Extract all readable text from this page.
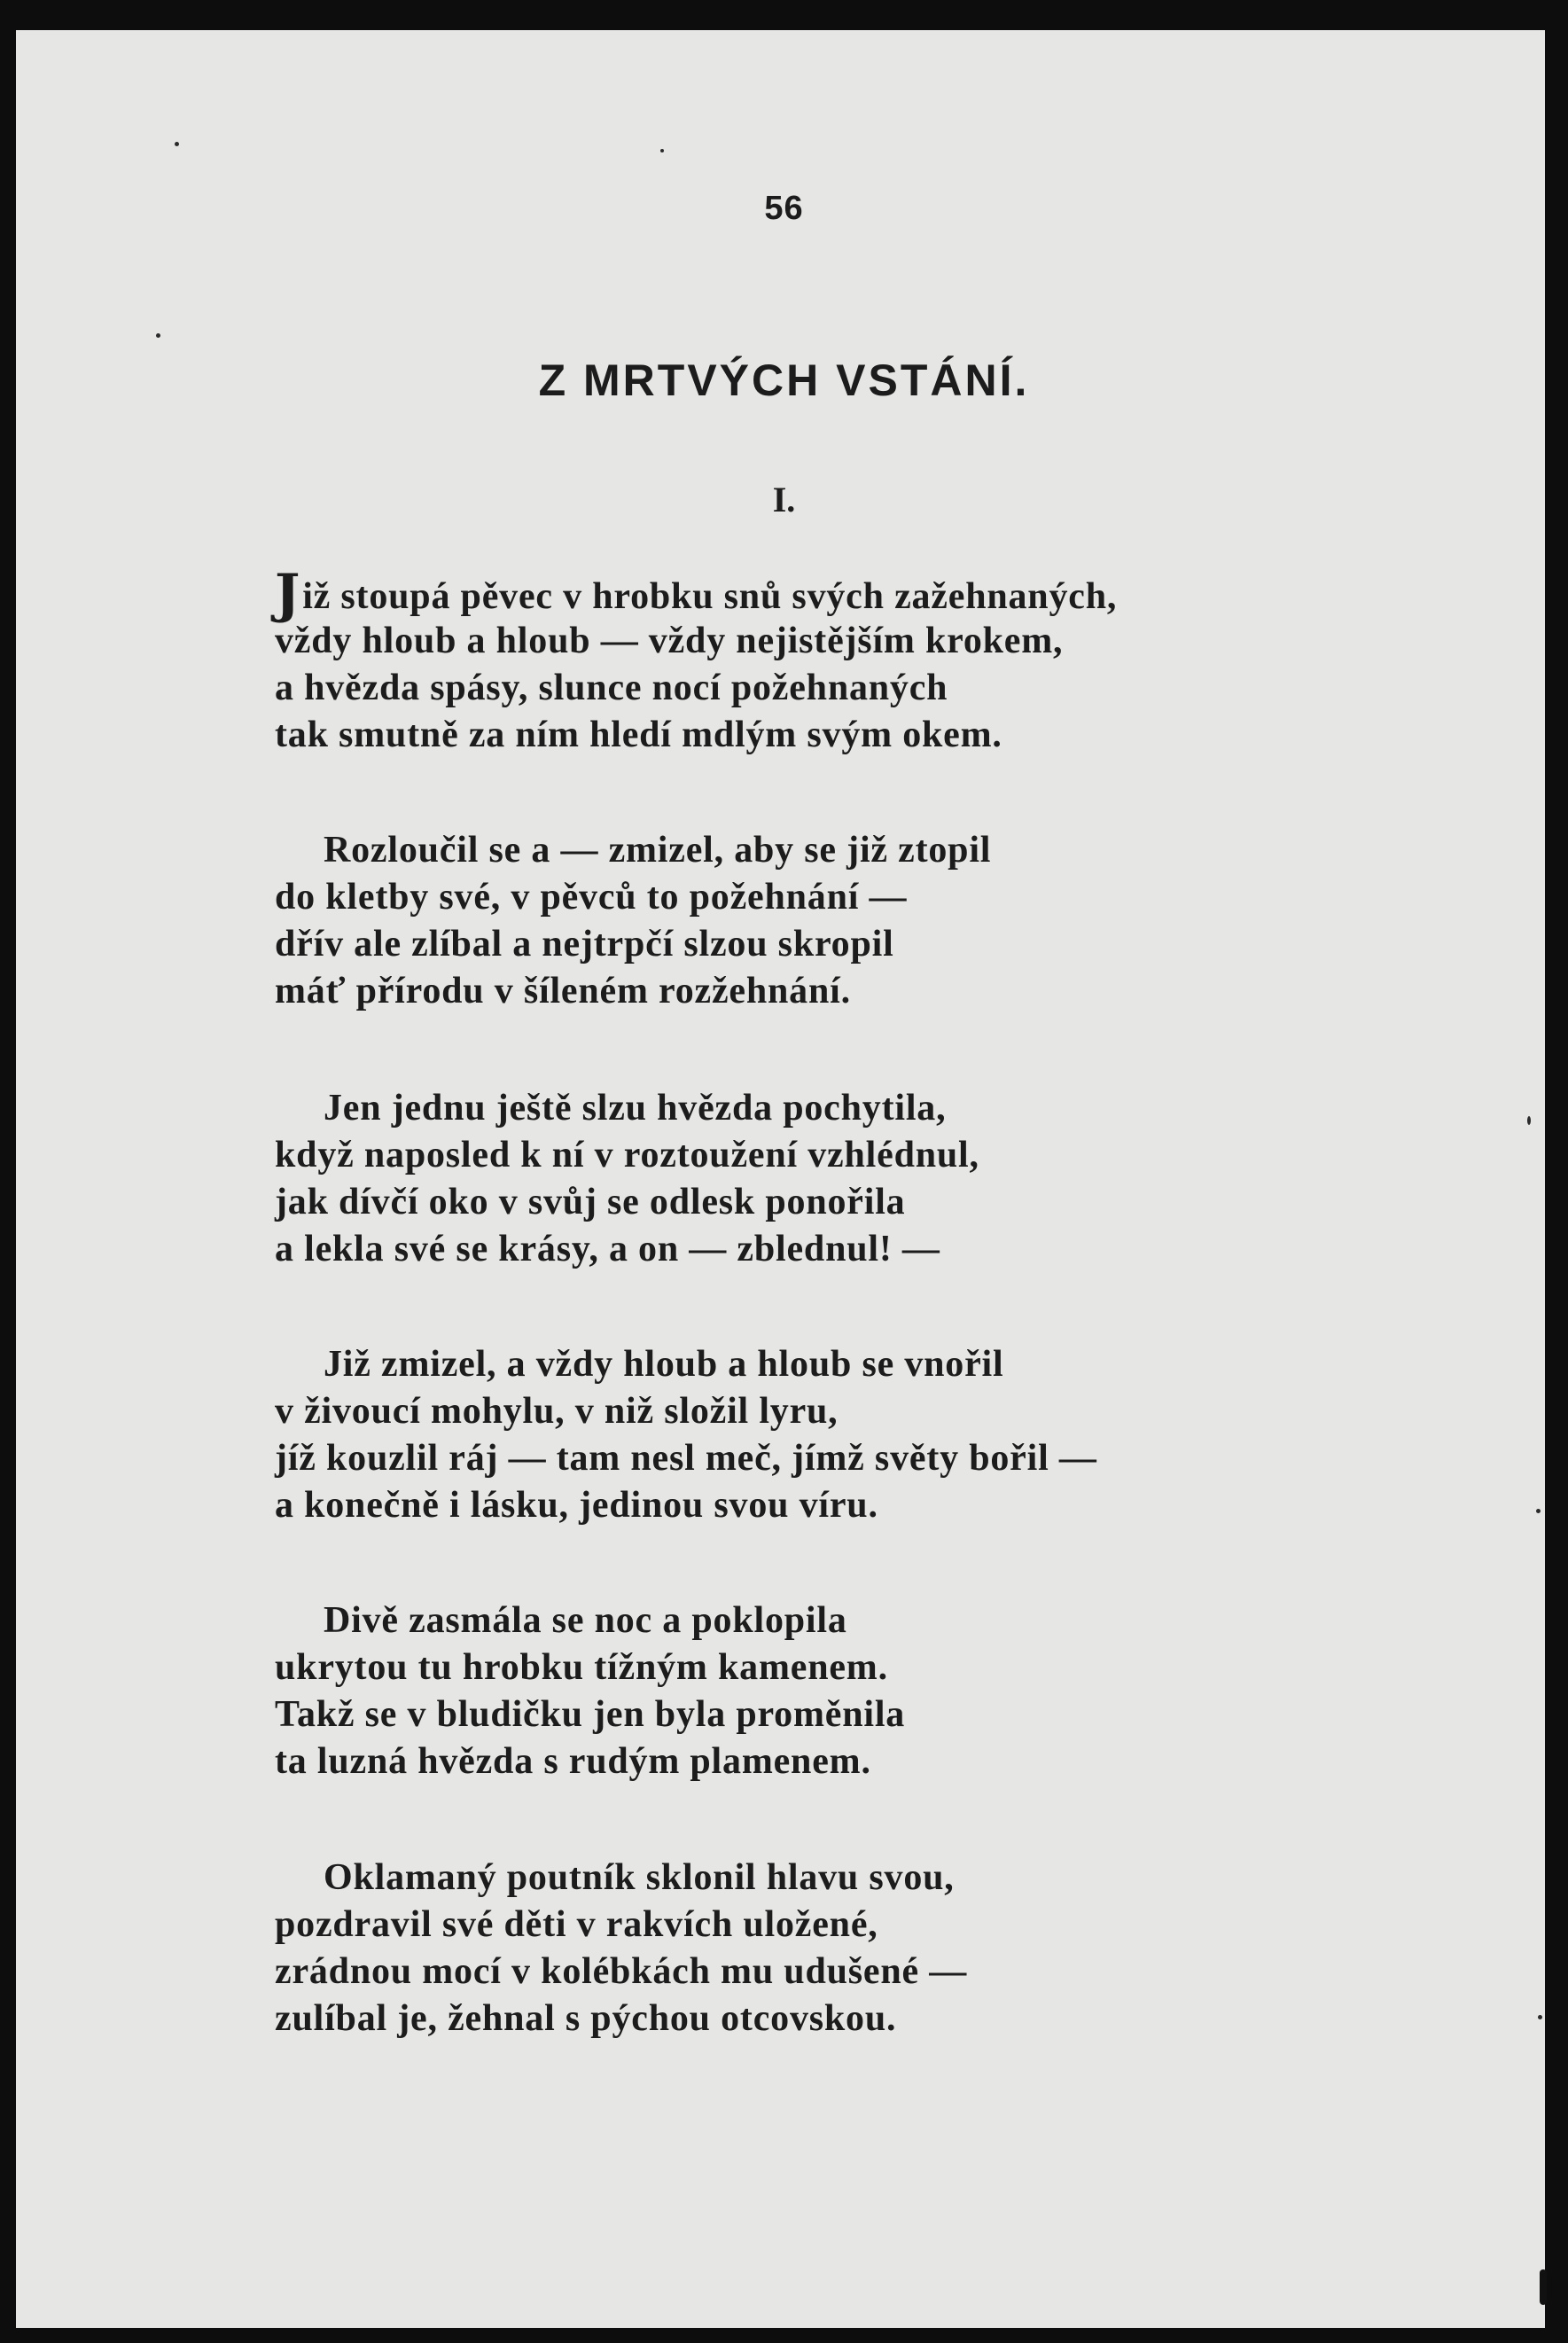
56
Z MRTVÝCH VSTÁNÍ.
I.
Již stoupá pěvec v hrobku snů svých zažehnaných,
vždy hloub a hloub — vždy nejistějším krokem,
a hvězda spásy, slunce nocí požehnaných
tak smutně za ním hledí mdlým svým okem.
Rozloučil se a — zmizel, aby se již ztopil
do kletby své, v pěvců to požehnání —
dřív ale zlíbal a nejtrpčí slzou skropil
máť přírodu v šíleném rozžehnání.
Jen jednu ještě slzu hvězda pochytila,
když naposled k ní v roztoužení vzhlédnul,
jak dívčí oko v svůj se odlesk ponořila
a lekla své se krásy, a on — zblednul! —
Již zmizel, a vždy hloub a hloub se vnořil
v živoucí mohylu, v niž složil lyru,
jíž kouzlil ráj — tam nesl meč, jímž světy bořil —
a konečně i lásku, jedinou svou víru.
Divě zasmála se noc a poklopila
ukrytou tu hrobku tížným kamenem.
Takž se v bludičku jen byla proměnila
ta luzná hvězda s rudým plamenem.
Oklamaný poutník sklonil hlavu svou,
pozdravil své děti v rakvích uložené,
zrádnou mocí v kolébkách mu udušené —
zulíbal je, žehnal s pýchou otcovskou.
